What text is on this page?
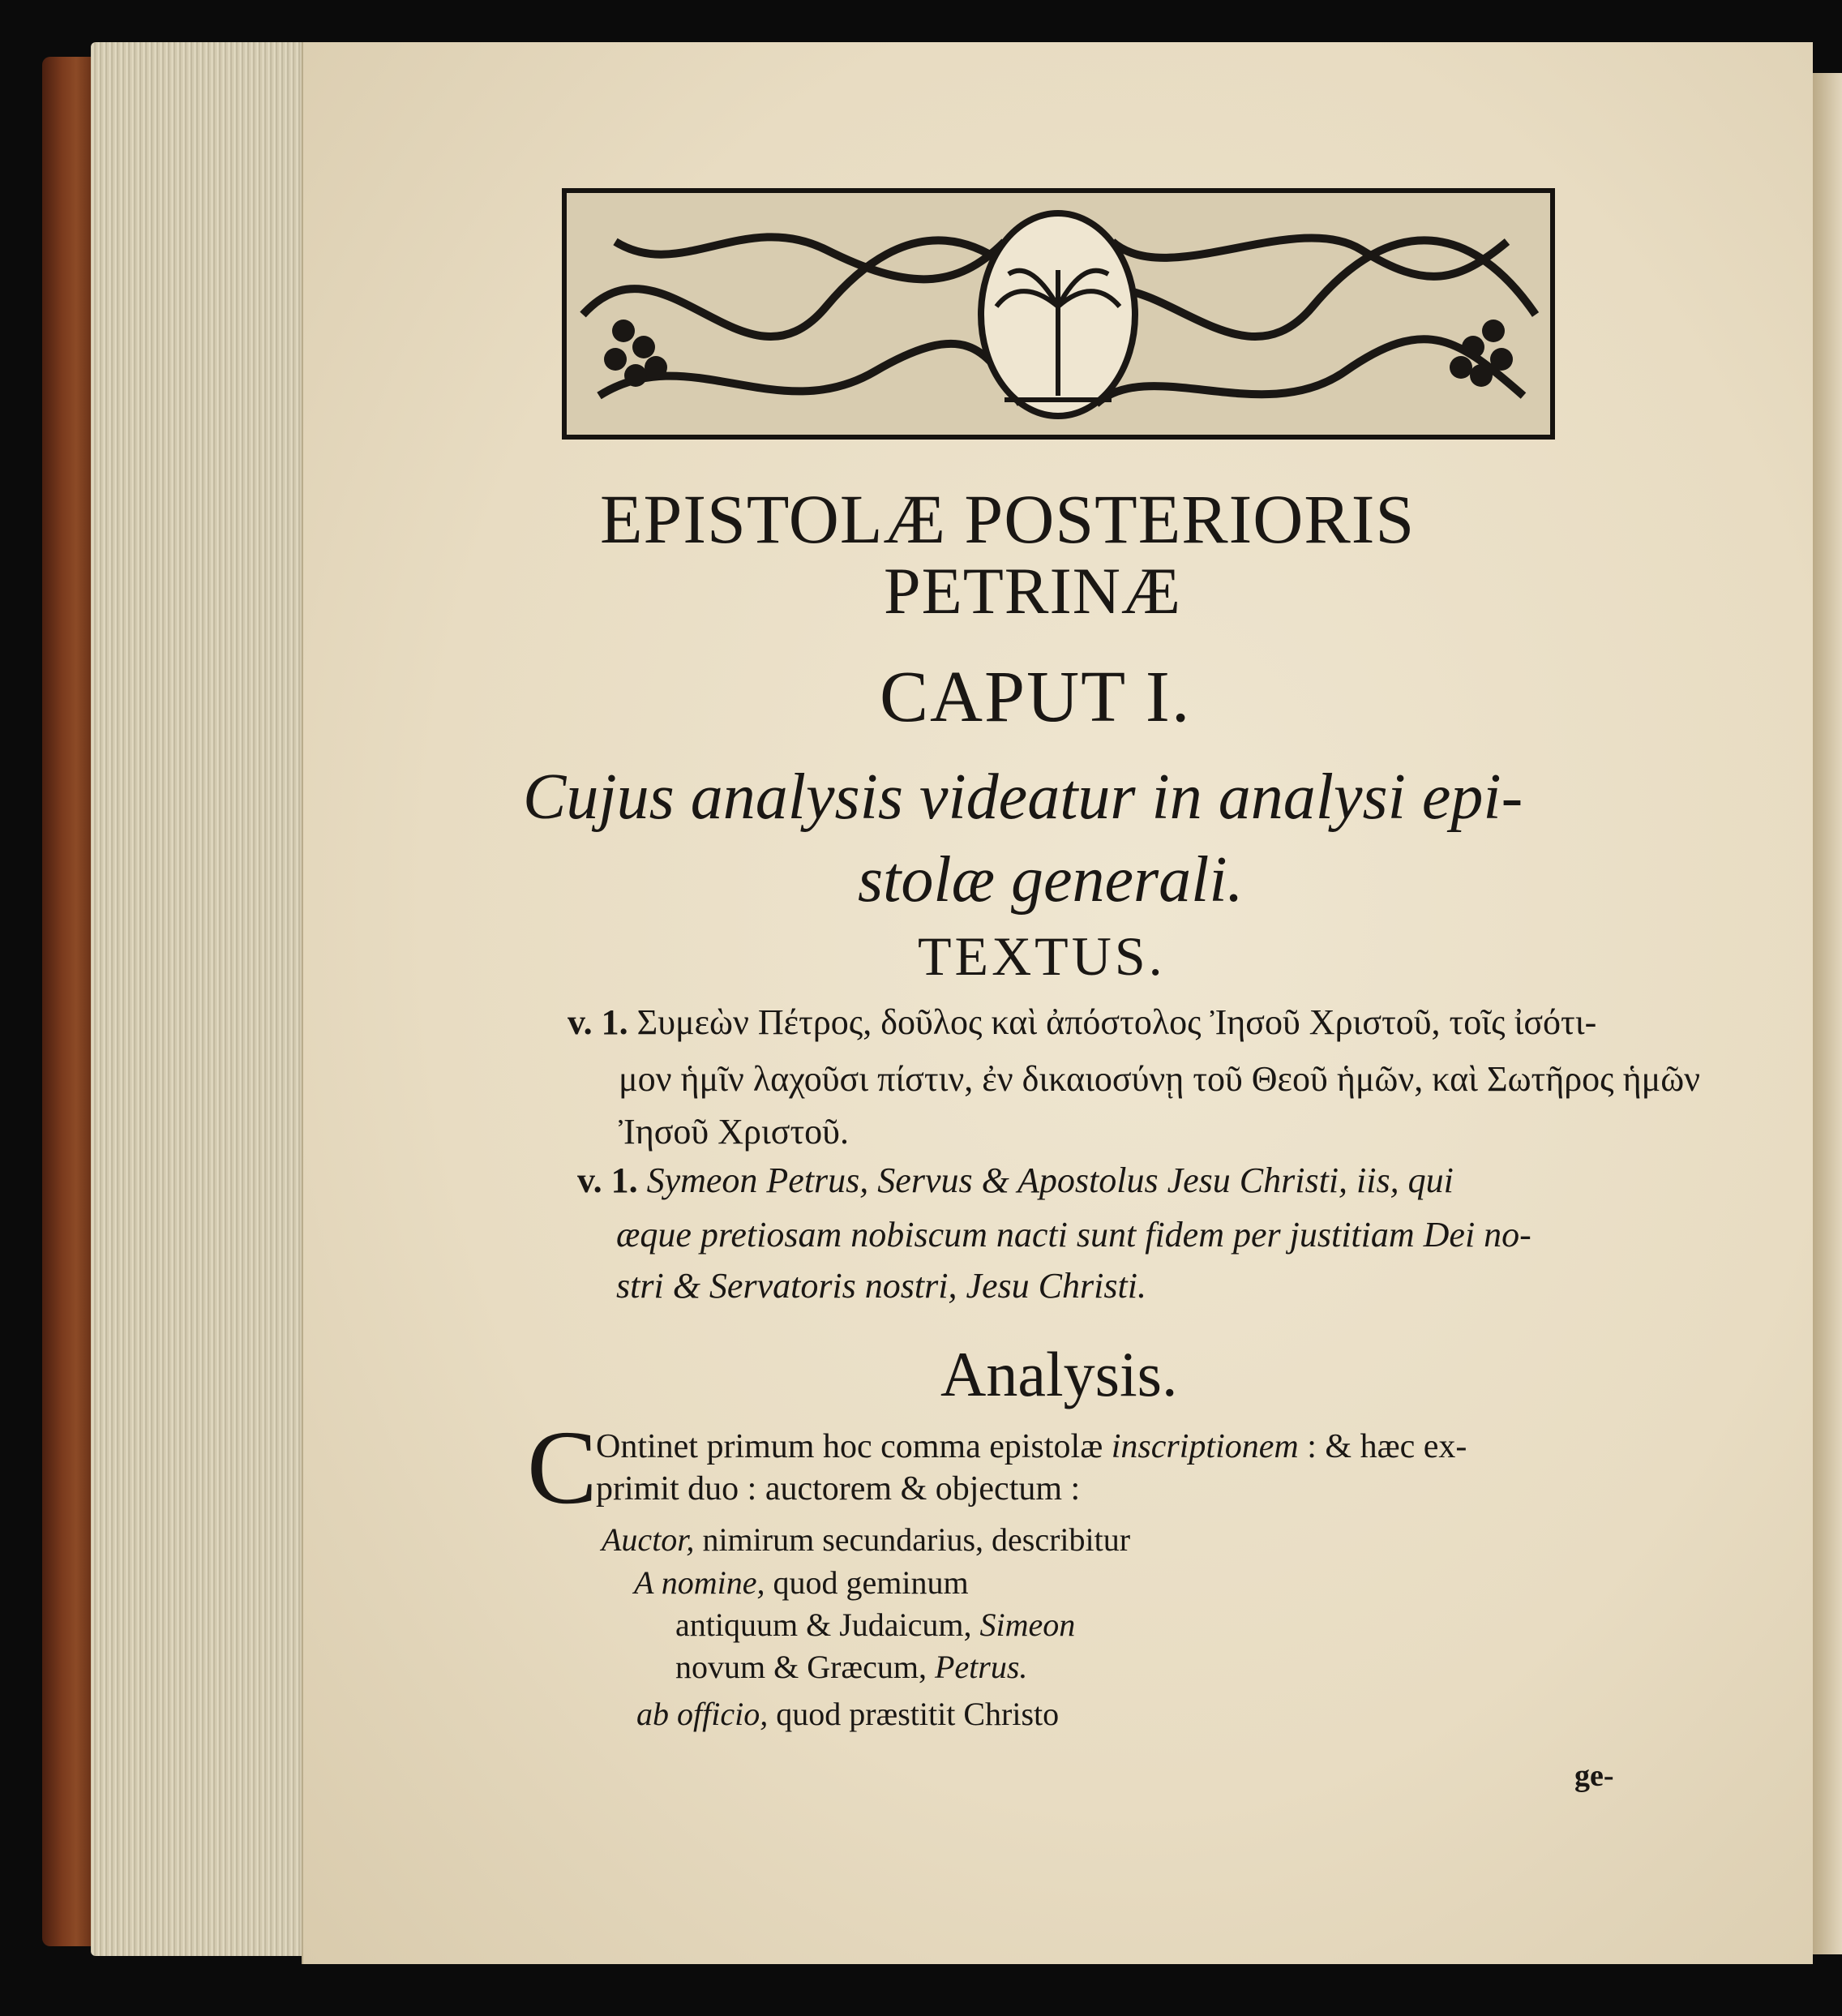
EPISTOLÆ POSTERIORIS
PETRINÆ
CAPUT I.
Cujus analysis videatur in analysi epi-
stolæ generali.
TEXTUS.
v. 1. Συμεὼν Πέτρος, δοῦλος καὶ ἀπόστολος Ἰησοῦ Χριστοῦ, τοῖς ἰσότι-
μον ἡμῖν λαχοῦσι πίστιν, ἐν δικαιοσύνῃ τοῦ Θεοῦ ἡμῶν, καὶ Σωτῆρος ἡμῶν
Ἰησοῦ Χριστοῦ.
v. 1. Symeon Petrus, Servus & Apostolus Jesu Christi, iis, qui
æque pretiosam nobiscum nacti sunt fidem per justitiam Dei no-
stri & Servatoris nostri, Jesu Christi.
Analysis.
C
Ontinet primum hoc comma epistolæ inscriptionem : & hæc ex-
primit duo : auctorem & objectum :
Auctor, nimirum secundarius, describitur
A nomine, quod geminum
antiquum & Judaicum, Simeon
novum & Græcum, Petrus.
ab officio, quod præstitit Christo
ge-
